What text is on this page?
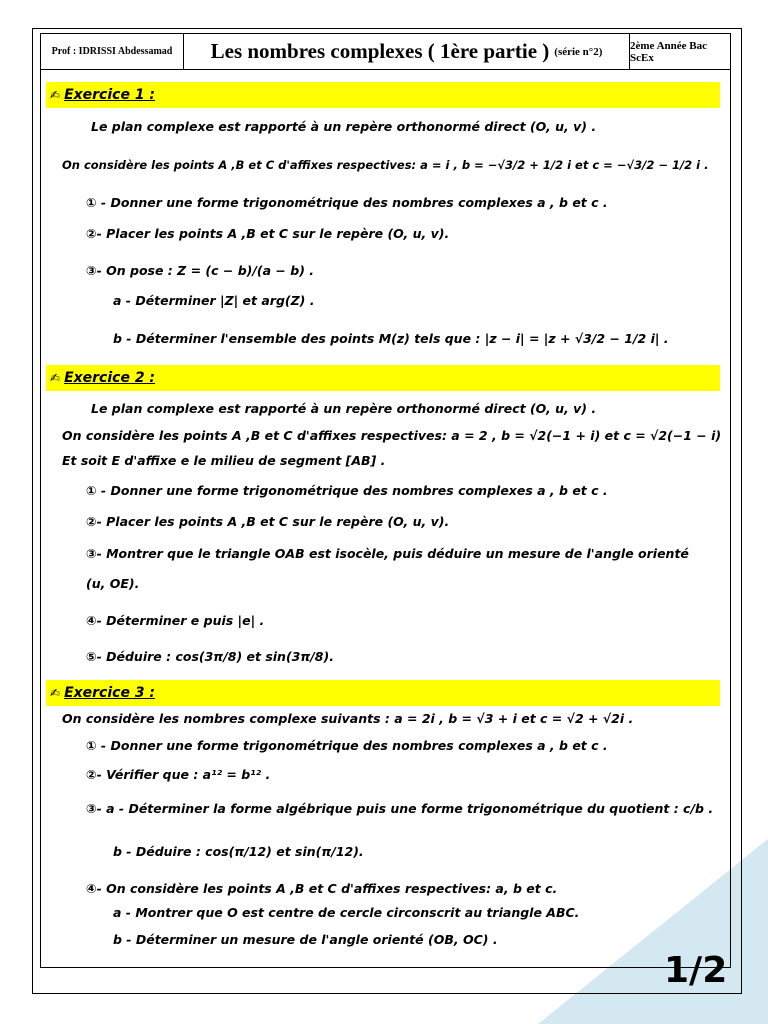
Prof : IDRISSI Abdessamad	Les nombres complexes ( 1ère partie ) (série n°2)	2ème Année Bac ScEx
✍ Exercice 1 :
Le plan complexe est rapporté à un repère orthonormé direct (O, u, v) .
On considère les points A ,B et C d'affixes respectives: a = i , b = −√3/2 + 1/2 i et c = −√3/2 − 1/2 i .
① - Donner une forme trigonométrique des nombres complexes a , b et c .
②- Placer les points A ,B et C sur le repère (O, u, v).
③- On pose : Z = (c − b)/(a − b) .
a - Déterminer |Z| et arg(Z) .
b - Déterminer l'ensemble des points M(z) tels que : |z − i| = |z + √3/2 − 1/2 i| .
✍ Exercice 2 :
Le plan complexe est rapporté à un repère orthonormé direct (O, u, v) .
On considère les points A ,B et C d'affixes respectives: a = 2 , b = √2(−1 + i) et c = √2(−1 − i)
Et soit E d'affixe e le milieu de segment [AB] .
① - Donner une forme trigonométrique des nombres complexes a , b et c .
②- Placer les points A ,B et C sur le repère (O, u, v).
③- Montrer que le triangle OAB est isocèle, puis déduire un mesure de l'angle orienté
(u, OE).
④- Déterminer e puis |e| .
⑤- Déduire : cos(3π/8) et sin(3π/8).
✍ Exercice 3 :
On considère les nombres complexe suivants : a = 2i , b = √3 + i et c = √2 + √2i .
① - Donner une forme trigonométrique des nombres complexes a , b et c .
②- Vérifier que : a¹² = b¹² .
③- a - Déterminer la forme algébrique puis une forme trigonométrique du quotient : c/b .
b - Déduire : cos(π/12) et sin(π/12).
④- On considère les points A ,B et C d'affixes respectives: a, b et c.
a - Montrer que O est centre de cercle circonscrit au triangle ABC.
b - Déterminer un mesure de l'angle orienté (OB, OC) .
1/2
